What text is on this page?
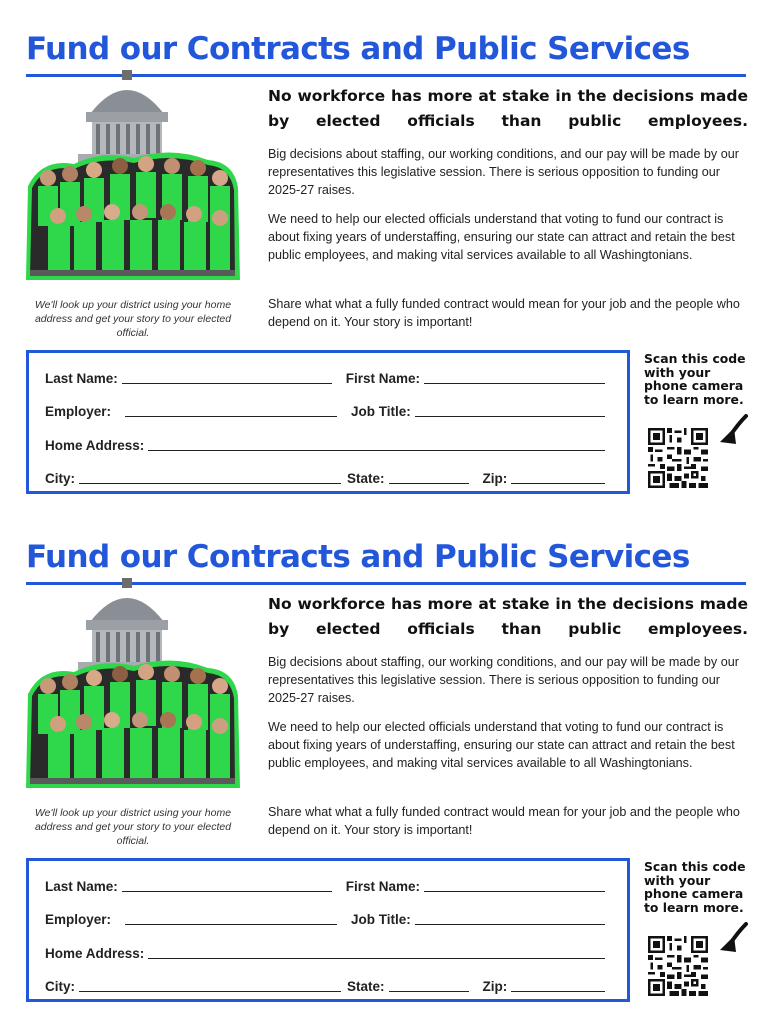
Fund our Contracts and Public Services
We'll look up your district using your home address and get your story to your elected official.
No workforce has more at stake in the decisions made by elected officials than public employees.

Big decisions about staffing, our working conditions, and our pay will be made by our representatives this legislative session. There is serious opposition to funding our 2025-27 raises.

We need to help our elected officials understand that voting to fund our contract is about fixing years of understaffing, ensuring our state can attract and retain the best public employees, and making vital services available to all Washingtonians.

Share what what a fully funded contract would mean for your job and the people who depend on it. Your story is important!

Last Name:	First Name:
Employer:	Job Title:
Home Address:
City:	State:	Zip:
Scan this code with your phone camera to learn more.
Fund our Contracts and Public Services
We'll look up your district using your home address and get your story to your elected official.
No workforce has more at stake in the decisions made by elected officials than public employees.

Big decisions about staffing, our working conditions, and our pay will be made by our representatives this legislative session. There is serious opposition to funding our 2025-27 raises.

We need to help our elected officials understand that voting to fund our contract is about fixing years of understaffing, ensuring our state can attract and retain the best public employees, and making vital services available to all Washingtonians.

Share what what a fully funded contract would mean for your job and the people who depend on it. Your story is important!

Last Name:	First Name:
Employer:	Job Title:
Home Address:
City:	State:	Zip:
Scan this code with your phone camera to learn more.
